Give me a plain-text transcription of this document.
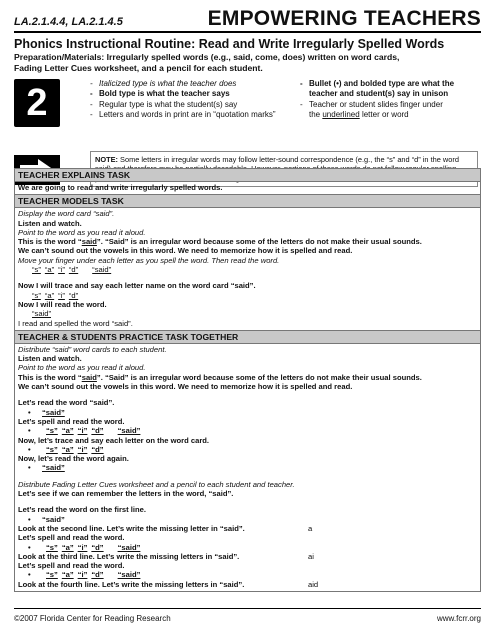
LA.2.1.4.4, LA.2.1.4.5	EMPOWERING TEACHERS
Phonics Instructional Routine: Read and Write Irregularly Spelled Words
Preparation/Materials: Irregularly spelled words (e.g., said, come, does) written on word cards,
Fading Letter Cues worksheet, and a pencil for each student.
2	- Italicized type is what the teacher does
- Bold type is what the teacher says
- Regular type is what the student(s) say
- Letters and words in print are in “quotation marks”
- Bullet (•) and bolded type are what the
teacher and student(s) say in unison
- Teacher or student slides finger under
the underlined letter or word
NOTE: Some letters in irregular words may follow letter-sound correspondence (e.g., the “s” and “d” in the word
TEACHER EXPLAINS TASK
We are going to read and write irregularly spelled words.
TEACHER MODELS TASK
Display the word card “said”.
Listen and watch.
Point to the word as you read it aloud.
This is the word “said”. “Said” is an irregular word because some of the letters do not make their usual sounds.
We can’t sound out the vowels in this word. We need to memorize how it is spelled and read.
Move your finger under each letter as you spell the word. Then read the word.
“s” “a” “i” “d” “said”
Now I will trace and say each letter name on the word card “said”.
“s” “a” “i” “d”
Now I will read the word.
“said”
I read and spelled the word “said”.
TEACHER & STUDENTS PRACTICE TASK TOGETHER
Distribute “said” word cards to each student.
Listen and watch.
Point to the word as you read it aloud.
This is the word “said”. “Said” is an irregular word because some of the letters do not make their usual sounds.
We can’t sound out the vowels in this word. We need to memorize how it is spelled and read.
Let’s read the word “said”.
• “said”
Let’s spell and read the word.
• “s” “a” “i” “d” “said”
Now, let’s trace and say each letter on the word card.
• “s” “a” “i” “d”
Now, let’s read the word again.
• “said”
Distribute Fading Letter Cues worksheet and a pencil to each student and teacher.
Let’s see if we can remember the letters in the word, “said”.
Let’s read the word on the first line.
• “said”
Look at the second line. Let’s write the missing letter in “said”.	a
Let’s spell and read the word.
• “s” “a” “i” “d” “said”
Look at the third line. Let’s write the missing letters in “said”.	ai
Let’s spell and read the word.
• “s” “a” “i” “d” “said”
Look at the fourth line. Let’s write the missing letters in “said”.	aid
©2007 Florida Center for Reading Research	www.fcrr.org
